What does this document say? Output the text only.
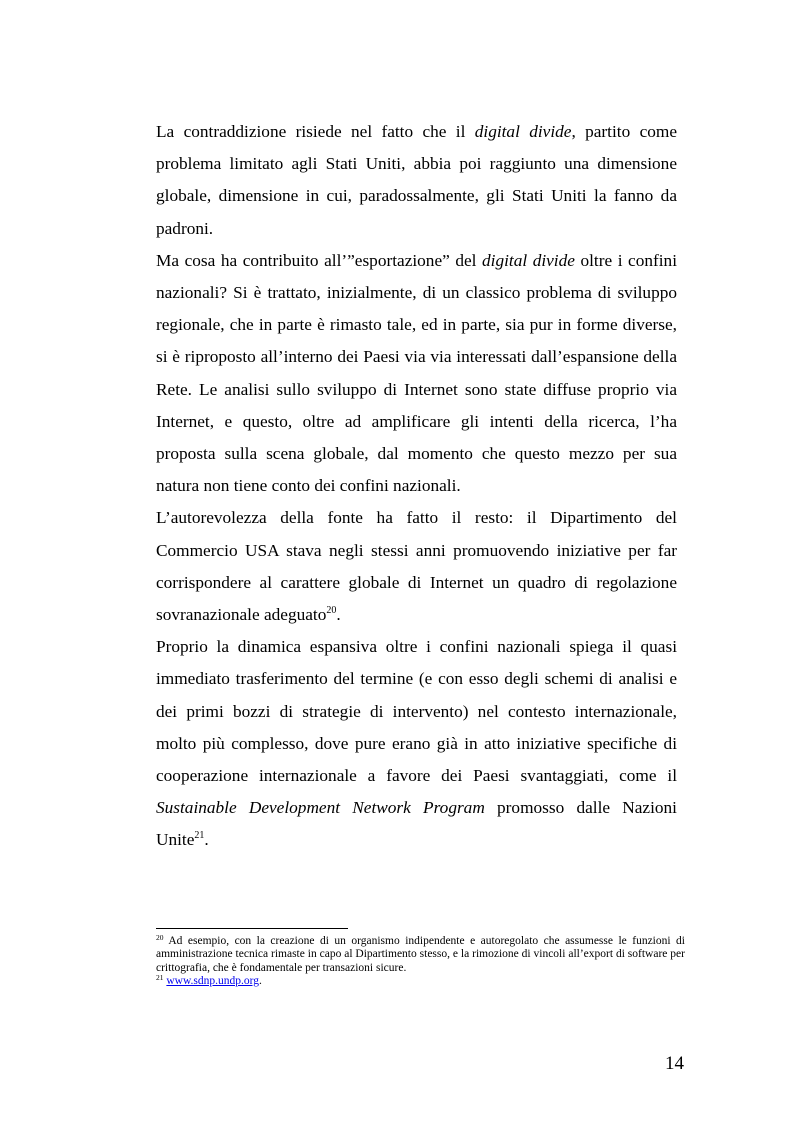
La contraddizione risiede nel fatto che il digital divide, partito come problema limitato agli Stati Uniti, abbia poi raggiunto una dimensione globale, dimensione in cui, paradossalmente, gli Stati Uniti la fanno da padroni.

Ma cosa ha contribuito all’”esportazione” del digital divide oltre i confini nazionali? Si è trattato, inizialmente, di un classico problema di sviluppo regionale, che in parte è rimasto tale, ed in parte, sia pur in forme diverse, si è riproposto all’interno dei Paesi via via interessati dall’espansione della Rete. Le analisi sullo sviluppo di Internet sono state diffuse proprio via Internet, e questo, oltre ad amplificare gli intenti della ricerca, l’ha proposta sulla scena globale, dal momento che questo mezzo per sua natura non tiene conto dei confini nazionali.

L’autorevolezza della fonte ha fatto il resto: il Dipartimento del Commercio USA stava negli stessi anni promuovendo iniziative per far corrispondere al carattere globale di Internet un quadro di regolazione sovranazionale adeguato$^{20}$.

Proprio la dinamica espansiva oltre i confini nazionali spiega il quasi immediato trasferimento del termine (e con esso degli schemi di analisi e dei primi bozzi di strategie di intervento) nel contesto internazionale, molto più complesso, dove pure erano già in atto iniziative specifiche di cooperazione internazionale a favore dei Paesi svantaggiati, come il Sustainable Development Network Program promosso dalle Nazioni Unite$^{21}$.

$^{20}$ Ad esempio, con la creazione di un organismo indipendente e autoregolato che assumesse le funzioni di amministrazione tecnica rimaste in capo al Dipartimento stesso, e la rimozione di vincoli all’export di software per crittografia, che è fondamentale per transazioni sicure.

$^{21}$ www.sdnp.undp.org.

14
